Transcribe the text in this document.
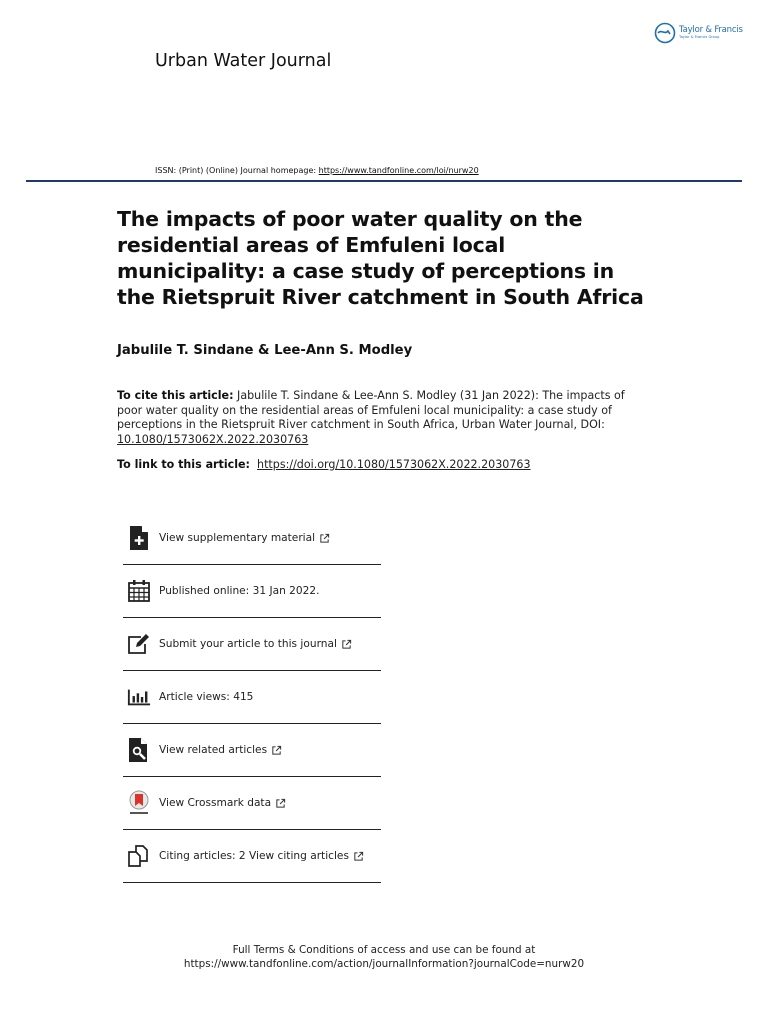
Taylor & Francis
Taylor & Francis Group
Urban Water Journal
ISSN: (Print) (Online) Journal homepage: https://www.tandfonline.com/loi/nurw20
The impacts of poor water quality on the residential areas of Emfuleni local municipality: a case study of perceptions in the Rietspruit River catchment in South Africa
Jabulile T. Sindane & Lee-Ann S. Modley
To cite this article: Jabulile T. Sindane & Lee-Ann S. Modley (31 Jan 2022): The impacts of poor water quality on the residential areas of Emfuleni local municipality: a case study of perceptions in the Rietspruit River catchment in South Africa, Urban Water Journal, DOI: 10.1080/1573062X.2022.2030763
To link to this article: https://doi.org/10.1080/1573062X.2022.2030763
View supplementary material
Published online: 31 Jan 2022.
Submit your article to this journal
Article views: 415
View related articles
View Crossmark data
Citing articles: 2 View citing articles
Full Terms & Conditions of access and use can be found at
https://www.tandfonline.com/action/journalInformation?journalCode=nurw20
